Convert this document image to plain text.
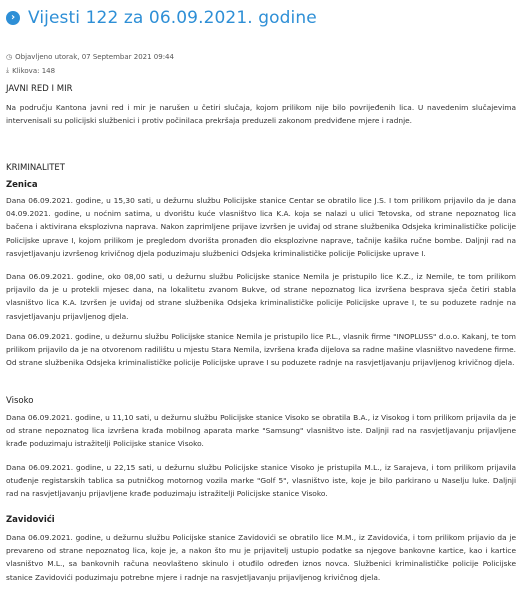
› Vijesti 122 za 06.09.2021. godine
◷ Objavljeno utorak, 07 Septembar 2021 09:44
⤓ Klikova: 148
JAVNI RED I MIR
Na području Kantona javni red i mir je narušen u četiri slučaja, kojom prilikom nije bilo povrijeđenih lica. U navedenim slučajevima intervenisali su policijski službenici i protiv počinilaca prekršaja preduzeli zakonom predviđene mjere i radnje.
KRIMINALITET
Zenica
Dana 06.09.2021. godine, u 15,30 sati, u dežurnu službu Policijske stanice Centar se obratilo lice J.S. I tom prilikom prijavilo da je dana 04.09.2021. godine, u noćnim satima, u dvorištu kuće vlasništvo lica K.A. koja se nalazi u ulici Tetovska, od strane nepoznatog lica bačena i aktivirana eksplozivna naprava. Nakon zaprimljene prijave izvršen je uviđaj od strane službenika Odsjeka kriminalističke policije Policijske uprave I, kojom prilikom je pregledom dvorišta pronađen dio eksplozivne naprave, tačnije kašika ručne bombe. Daljnji rad na rasvjetljavanju izvršenog krivičnog djela poduzimaju službenici Odsjeka kriminalističke policije Policijske uprave I.
Dana 06.09.2021. godine, oko 08,00 sati, u dežurnu službu Policijske stanice Nemila je pristupilo lice K.Z., iz Nemile, te tom prilikom prijavilo da je u protekli mjesec dana, na lokalitetu zvanom Bukve, od strane nepoznatog lica izvršena besprava sječa četiri stabla vlasništvo lica K.A. Izvršen je uviđaj od strane službenika Odsjeka kriminalističke policije Policijske uprave I, te su poduzete radnje na rasvjetljavanju prijavljenog djela.
Dana 06.09.2021. godine, u dežurnu službu Policijske stanice Nemila je pristupilo lice P.L., vlasnik firme "INOPLUSS" d.o.o. Kakanj, te tom prilikom prijavilo da je na otvorenom radilištu u mjestu Stara Nemila, izvršena krađa dijelova sa radne mašine vlasništvo navedene firme. Od strane službenika Odsjeka kriminalističke policije Policijske uprave I su poduzete radnje na rasvjetljavanju prijavljenog krivičnog djela.
Visoko
Dana 06.09.2021. godine, u 11,10 sati, u dežurnu službu Policijske stanice Visoko se obratila B.A., iz Visokog i tom prilikom prijavila da je od strane nepoznatog lica izvršena krađa mobilnog aparata marke "Samsung" vlasništvo iste. Daljnji rad na rasvjetljavanju prijavljene krađe poduzimaju istražitelji Policijske stanice Visoko.
Dana 06.09.2021. godine, u 22,15 sati, u dežurnu službu Policijske stanice Visoko je pristupila M.L., iz Sarajeva, i tom prilikom prijavila otuđenje registarskih tablica sa putničkog motornog vozila marke "Golf 5", vlasništvo iste, koje je bilo parkirano u Naselju luke. Daljnji rad na rasvjetljavanju prijavljene krađe poduzimaju istražitelji Policijske stanice Visoko.
Zavidovići
Dana 06.09.2021. godine, u dežurnu službu Policijske stanice Zavidovići se obratilo lice M.M., iz Zavidovića, i tom prilikom prijavio da je prevareno od strane nepoznatog lica, koje je, a nakon što mu je prijavitelj ustupio podatke sa njegove bankovne kartice, kao i kartice vlasništvo M.L., sa bankovnih računa neovlašteno skinulo i otuđilo određen iznos novca. Službenici kriminalističke policije Policijske stanice Zavidovići poduzimaju potrebne mjere i radnje na rasvjetljavanju prijavljenog krivičnog djela.
